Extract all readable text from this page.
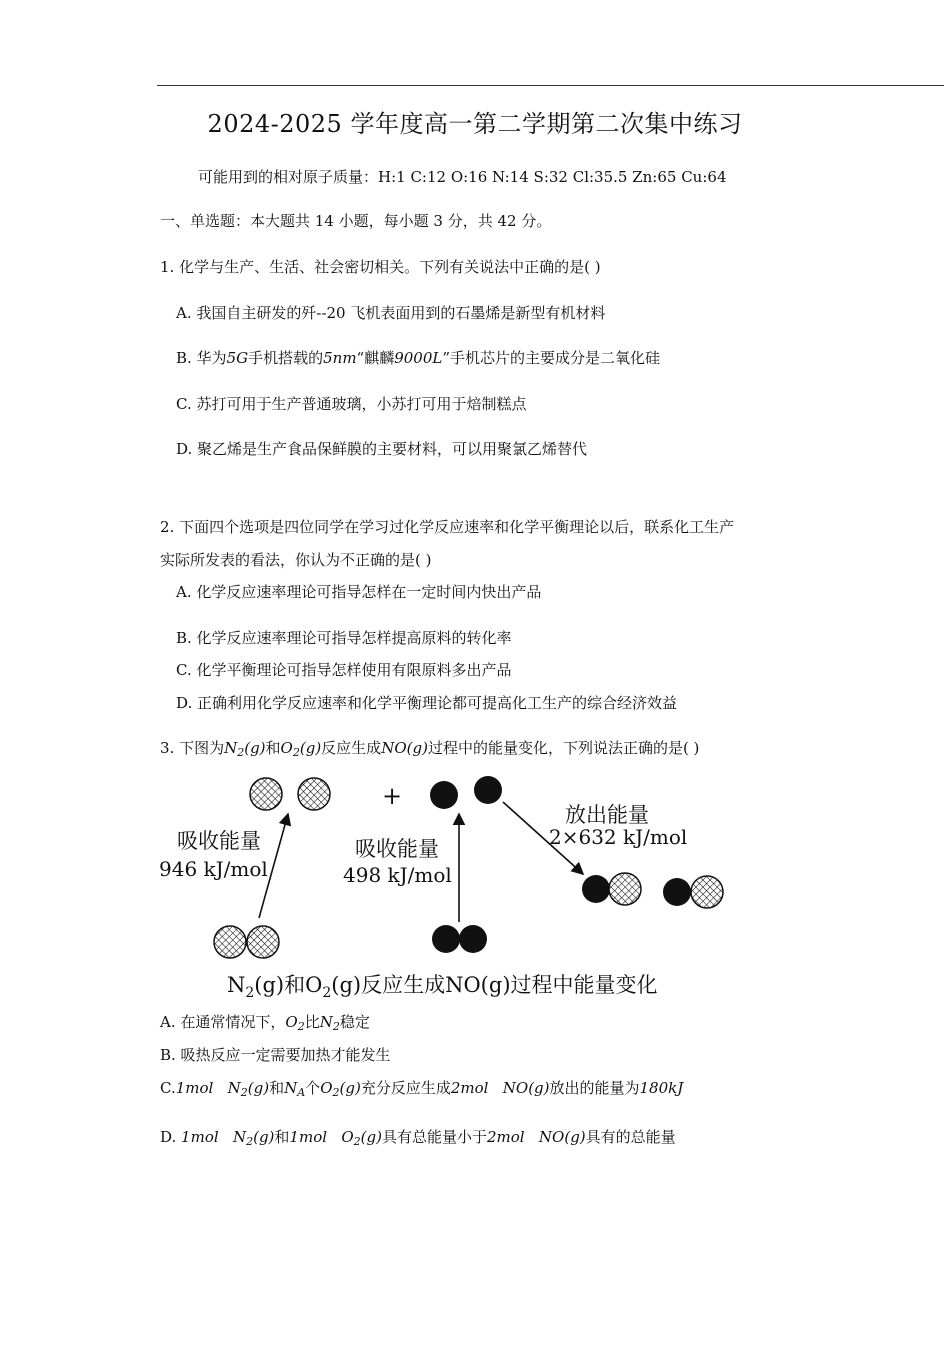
2024-2025 学年度高一第二学期第二次集中练习
可能用到的相对原子质量：H:1 C:12 O:16 N:14 S:32 Cl:35.5 Zn:65 Cu:64
一、单选题：本大题共 14 小题，每小题 3 分，共 42 分。
1. 化学与生产、生活、社会密切相关。下列有关说法中正确的是( )
A. 我国自主研发的歼--20 飞机表面用到的石墨烯是新型有机材料
B. 华为5G手机搭载的5nm“麒麟9000L”手机芯片的主要成分是二氧化硅
C. 苏打可用于生产普通玻璃，小苏打可用于焙制糕点
D. 聚乙烯是生产食品保鲜膜的主要材料，可以用聚氯乙烯替代
2. 下面四个选项是四位同学在学习过化学反应速率和化学平衡理论以后，联系化工生产
实际所发表的看法，你认为不正确的是( )
A. 化学反应速率理论可指导怎样在一定时间内快出产品
B. 化学反应速率理论可指导怎样提高原料的转化率
C. 化学平衡理论可指导怎样使用有限原料多出产品
D. 正确利用化学反应速率和化学平衡理论都可提高化工生产的综合经济效益
3. 下图为$N_2(g)$和$O_2(g)$反应生成NO(g)过程中的能量变化，下列说法正确的是( )
+
吸收能量
946 kJ/mol
吸收能量
498 kJ/mol
放出能量
2×632 kJ/mol
$N_2(g)$和$O_2(g)$反应生成NO(g)过程中能量变化
A. 在通常情况下，$O_2$比$N_2$稳定
B. 吸热反应一定需要加热才能发生
C.1mol $N_2(g)$和$N_A$个$O_2(g)$充分反应生成2mol NO(g)放出的能量为180kJ
D. 1mol $N_2(g)$和1mol $O_2(g)$具有总能量小于2mol NO(g)具有的总能量
